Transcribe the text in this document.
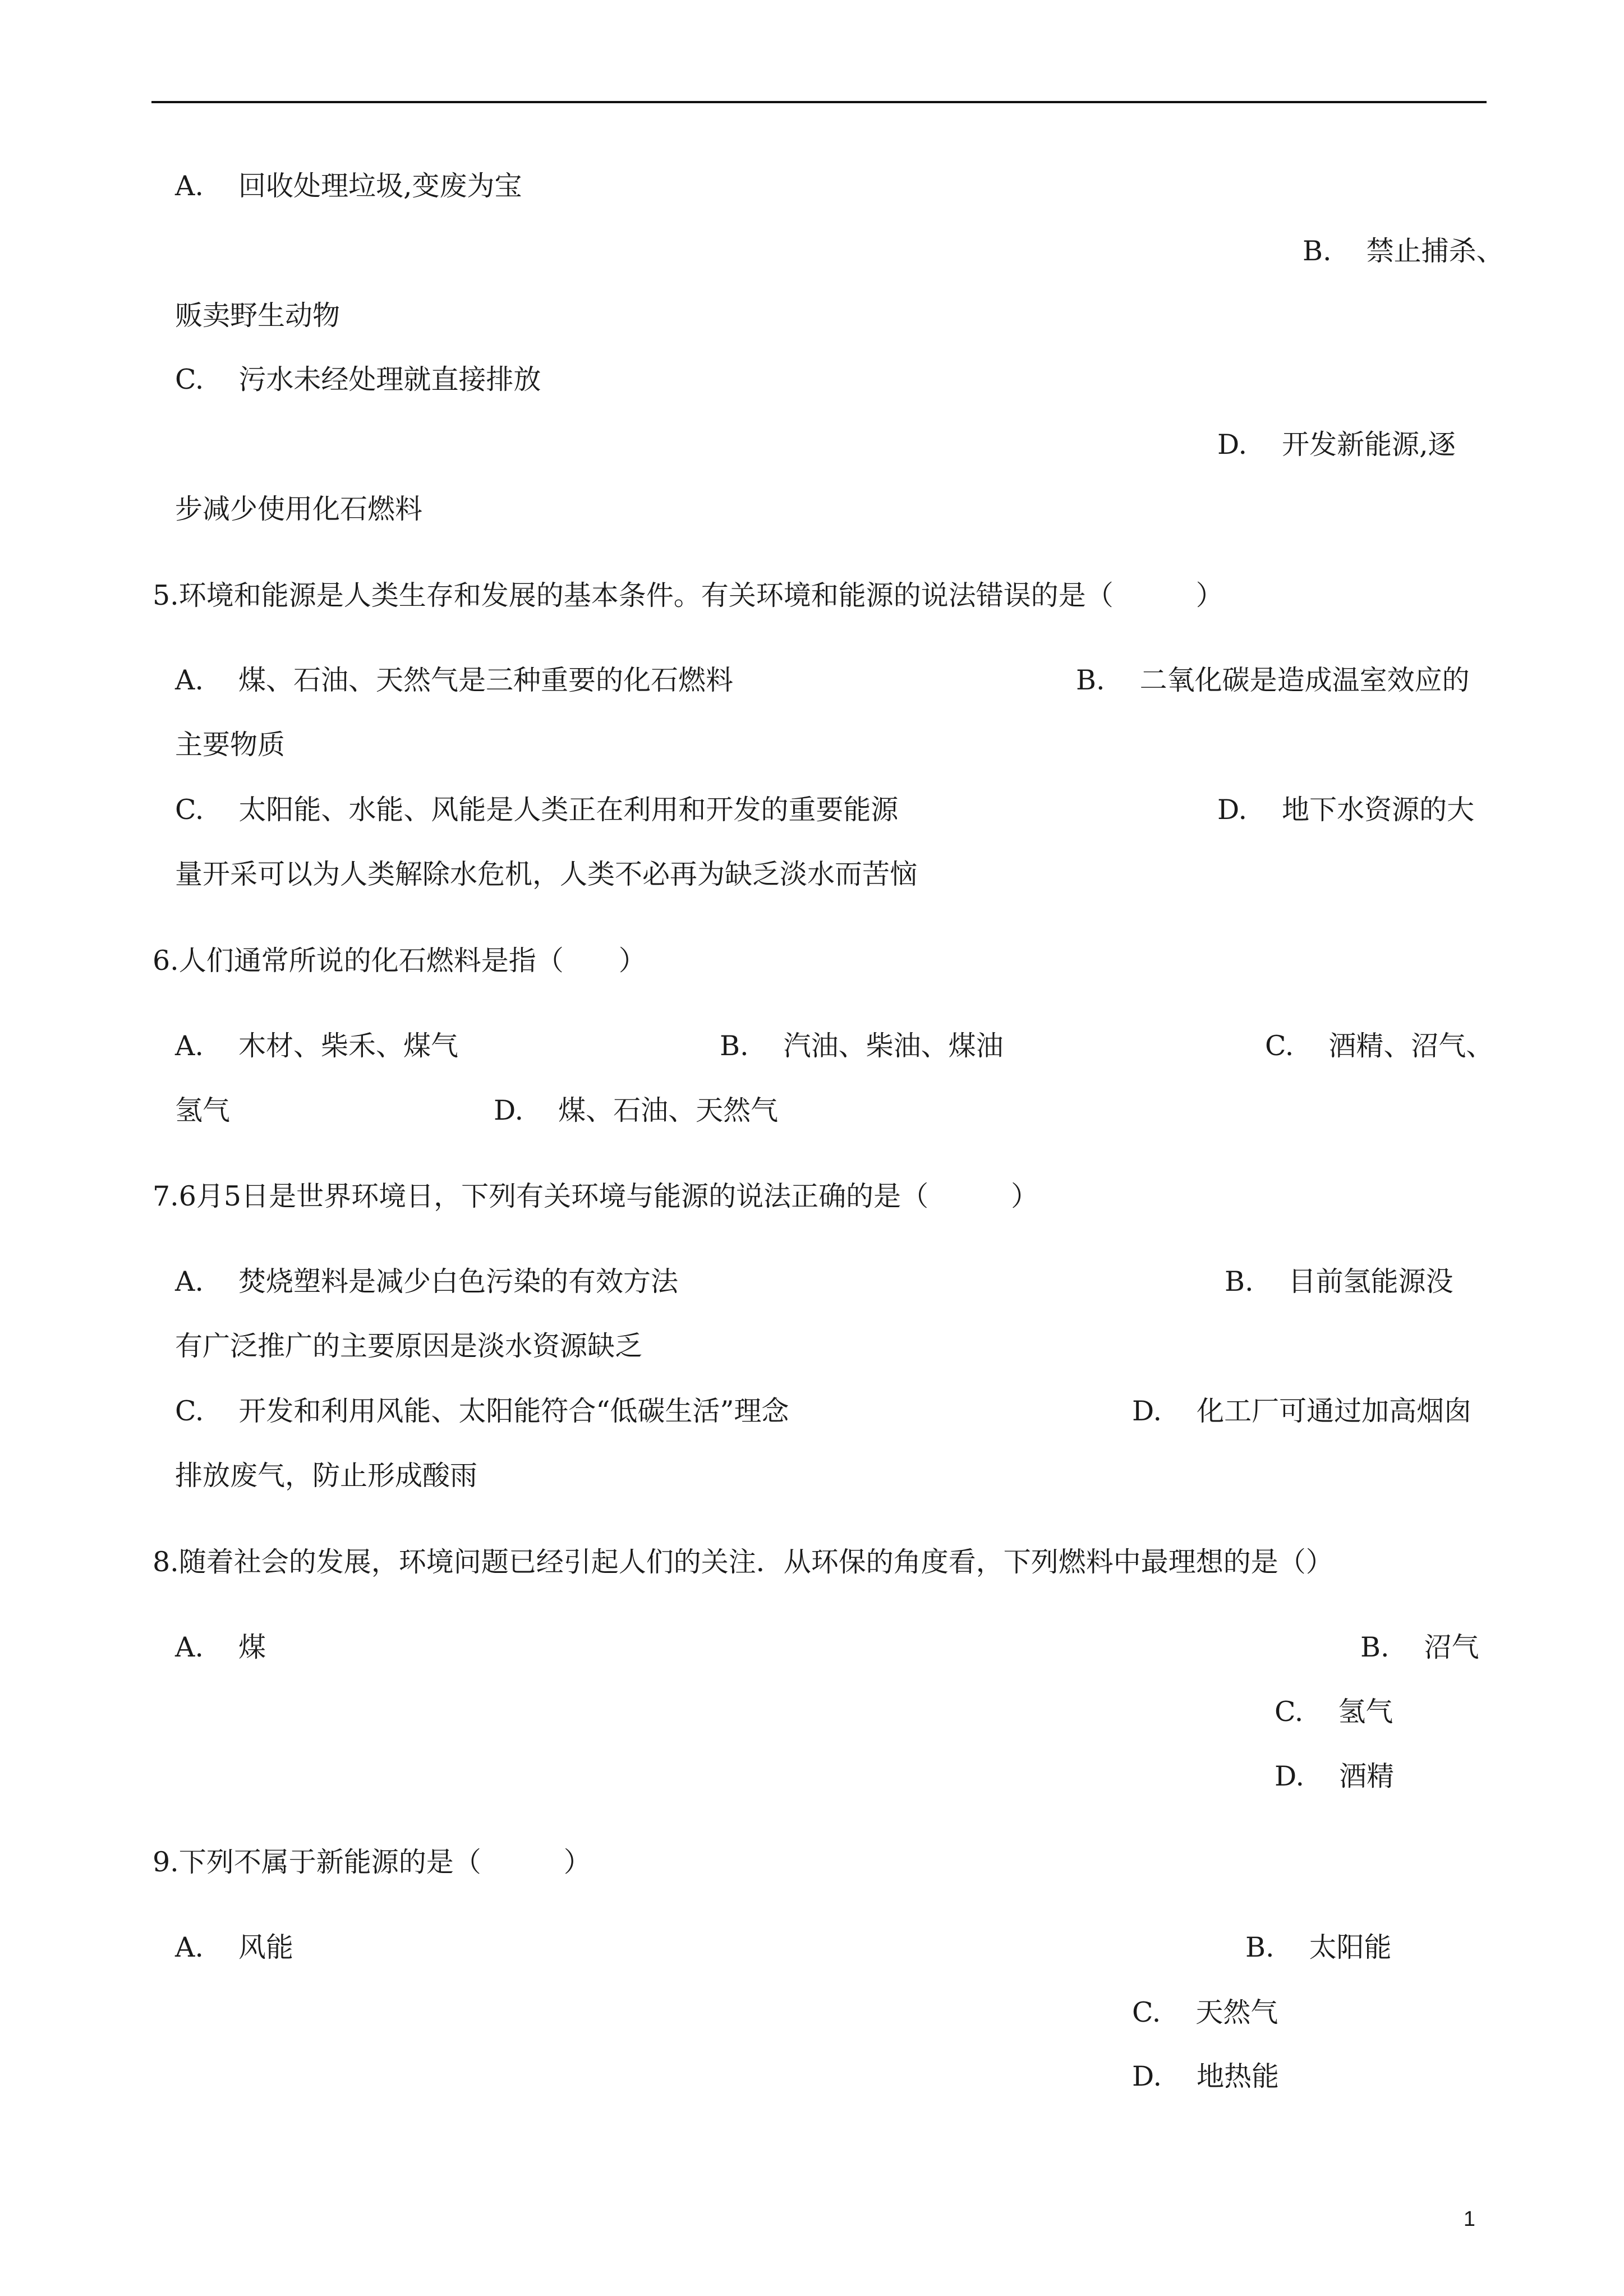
A. 回收处理垃圾,变废为宝
B. 禁止捕杀、
贩卖野生动物
C. 污水未经处理就直接排放
D. 开发新能源,逐
步减少使用化石燃料
5.环境和能源是人类生存和发展的基本条件。有关环境和能源的说法错误的是（　　　）
A. 煤、石油、天然气是三种重要的化石燃料	B. 二氧化碳是造成温室效应的
主要物质
C. 太阳能、水能、风能是人类正在利用和开发的重要能源	D. 地下水资源的大
量开采可以为人类解除水危机，人类不必再为缺乏淡水而苦恼
6.人们通常所说的化石燃料是指（　　）
A. 木材、柴禾、煤气	B. 汽油、柴油、煤油	C. 酒精、沼气、
氢气	D. 煤、石油、天然气
7.6月5日是世界环境日，下列有关环境与能源的说法正确的是（　　　）
A. 焚烧塑料是减少白色污染的有效方法	B. 目前氢能源没
有广泛推广的主要原因是淡水资源缺乏
C. 开发和利用风能、太阳能符合“低碳生活”理念	D. 化工厂可通过加高烟囱
排放废气，防止形成酸雨
8.随着社会的发展，环境问题已经引起人们的关注．从环保的角度看，下列燃料中最理想的是（）
A. 煤	B. 沼气
C. 氢气
D. 酒精
9.下列不属于新能源的是（　　　）
A. 风能	B. 太阳能
C. 天然气
D. 地热能
1
